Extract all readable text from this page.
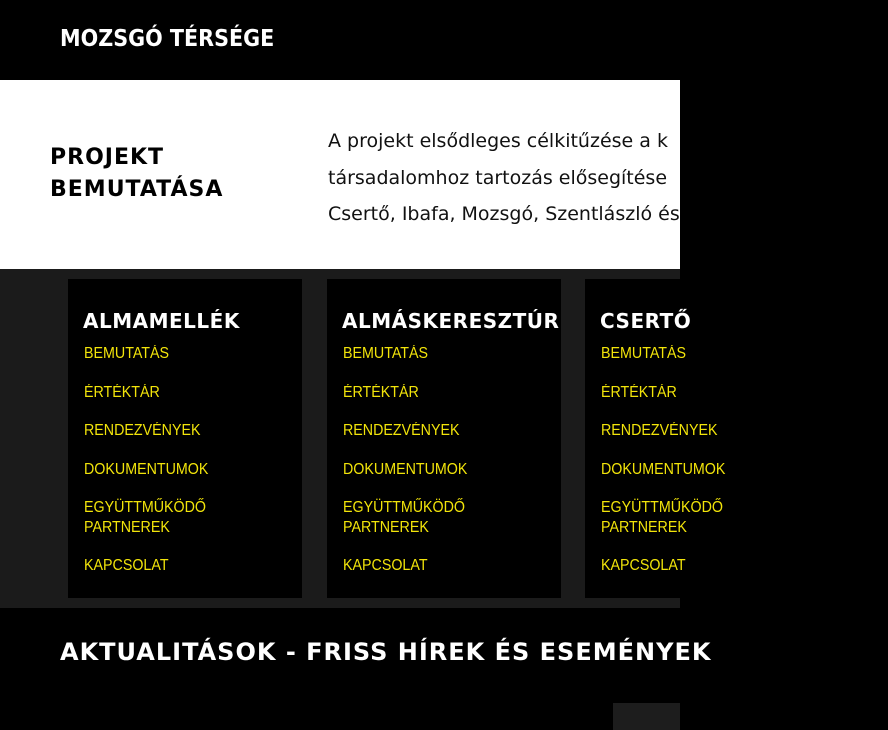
MOZSGÓ TÉRSÉGE
PROJEKT
BEMUTATÁSA

A projekt elsődleges célkitűzése a k
társadalomhoz tartozás elősegítése
Csertő, Ibafa, Mozsgó, Szentlászló és

ALMAMELLÉK
BEMUTATÁS
ÉRTÉKTÁR
RENDEZVÉNYEK
DOKUMENTUMOK
EGYÜTTMŰKÖDŐ
PARTNEREK
KAPCSOLAT
ALMÁSKERESZTÚR
BEMUTATÁS
ÉRTÉKTÁR
RENDEZVÉNYEK
DOKUMENTUMOK
EGYÜTTMŰKÖDŐ
PARTNEREK
KAPCSOLAT
CSERTŐ
BEMUTATÁS
ÉRTÉKTÁR
RENDEZVÉNYEK
DOKUMENTUMOK
EGYÜTTMŰKÖDŐ
PARTNEREK
KAPCSOLAT
AKTUALITÁSOK - FRISS HÍREK ÉS ESEMÉNYEK
